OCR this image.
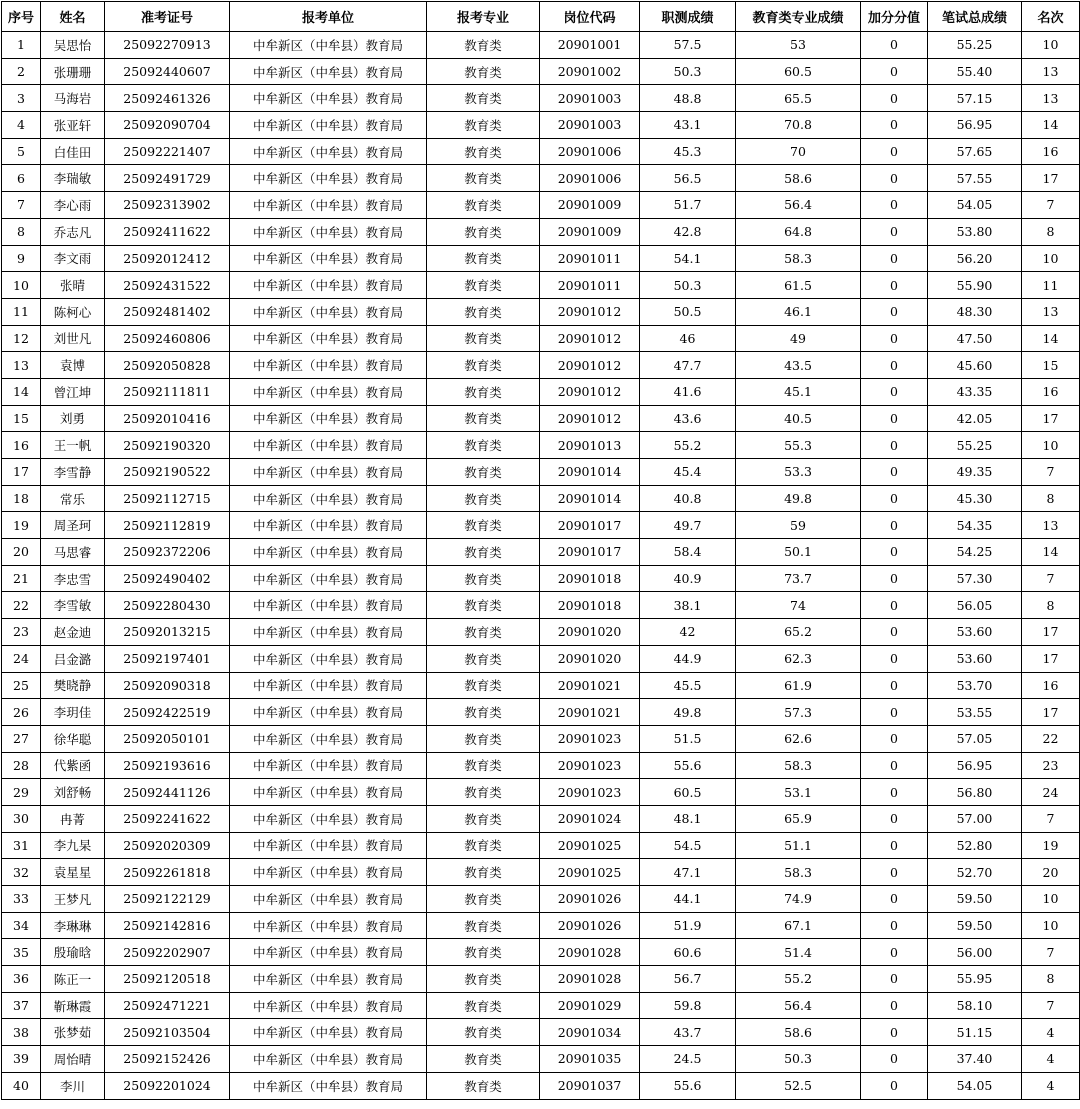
序号	姓名	准考证号	报考单位	报考专业	岗位代码	职测成绩	教育类专业成绩	加分分值	笔试总成绩	名次
1	吴思怡	25092270913	中牟新区（中牟县）教育局	教育类	20901001	57.5	53	0	55.25	10
2	张珊珊	25092440607	中牟新区（中牟县）教育局	教育类	20901002	50.3	60.5	0	55.40	13
3	马海岩	25092461326	中牟新区（中牟县）教育局	教育类	20901003	48.8	65.5	0	57.15	13
4	张亚轩	25092090704	中牟新区（中牟县）教育局	教育类	20901003	43.1	70.8	0	56.95	14
5	白佳田	25092221407	中牟新区（中牟县）教育局	教育类	20901006	45.3	70	0	57.65	16
6	李瑞敏	25092491729	中牟新区（中牟县）教育局	教育类	20901006	56.5	58.6	0	57.55	17
7	李心雨	25092313902	中牟新区（中牟县）教育局	教育类	20901009	51.7	56.4	0	54.05	7
8	乔志凡	25092411622	中牟新区（中牟县）教育局	教育类	20901009	42.8	64.8	0	53.80	8
9	李文雨	25092012412	中牟新区（中牟县）教育局	教育类	20901011	54.1	58.3	0	56.20	10
10	张晴	25092431522	中牟新区（中牟县）教育局	教育类	20901011	50.3	61.5	0	55.90	11
11	陈柯心	25092481402	中牟新区（中牟县）教育局	教育类	20901012	50.5	46.1	0	48.30	13
12	刘世凡	25092460806	中牟新区（中牟县）教育局	教育类	20901012	46	49	0	47.50	14
13	袁博	25092050828	中牟新区（中牟县）教育局	教育类	20901012	47.7	43.5	0	45.60	15
14	曾江坤	25092111811	中牟新区（中牟县）教育局	教育类	20901012	41.6	45.1	0	43.35	16
15	刘勇	25092010416	中牟新区（中牟县）教育局	教育类	20901012	43.6	40.5	0	42.05	17
16	王一帆	25092190320	中牟新区（中牟县）教育局	教育类	20901013	55.2	55.3	0	55.25	10
17	李雪静	25092190522	中牟新区（中牟县）教育局	教育类	20901014	45.4	53.3	0	49.35	7
18	常乐	25092112715	中牟新区（中牟县）教育局	教育类	20901014	40.8	49.8	0	45.30	8
19	周圣珂	25092112819	中牟新区（中牟县）教育局	教育类	20901017	49.7	59	0	54.35	13
20	马思睿	25092372206	中牟新区（中牟县）教育局	教育类	20901017	58.4	50.1	0	54.25	14
21	李忠雪	25092490402	中牟新区（中牟县）教育局	教育类	20901018	40.9	73.7	0	57.30	7
22	李雪敏	25092280430	中牟新区（中牟县）教育局	教育类	20901018	38.1	74	0	56.05	8
23	赵金迪	25092013215	中牟新区（中牟县）教育局	教育类	20901020	42	65.2	0	53.60	17
24	吕金潞	25092197401	中牟新区（中牟县）教育局	教育类	20901020	44.9	62.3	0	53.60	17
25	樊晓静	25092090318	中牟新区（中牟县）教育局	教育类	20901021	45.5	61.9	0	53.70	16
26	李玥佳	25092422519	中牟新区（中牟县）教育局	教育类	20901021	49.8	57.3	0	53.55	17
27	徐华聪	25092050101	中牟新区（中牟县）教育局	教育类	20901023	51.5	62.6	0	57.05	22
28	代紫函	25092193616	中牟新区（中牟县）教育局	教育类	20901023	55.6	58.3	0	56.95	23
29	刘舒畅	25092441126	中牟新区（中牟县）教育局	教育类	20901023	60.5	53.1	0	56.80	24
30	冉菁	25092241622	中牟新区（中牟县）教育局	教育类	20901024	48.1	65.9	0	57.00	7
31	李九杲	25092020309	中牟新区（中牟县）教育局	教育类	20901025	54.5	51.1	0	52.80	19
32	袁星星	25092261818	中牟新区（中牟县）教育局	教育类	20901025	47.1	58.3	0	52.70	20
33	王梦凡	25092122129	中牟新区（中牟县）教育局	教育类	20901026	44.1	74.9	0	59.50	10
34	李琳琳	25092142816	中牟新区（中牟县）教育局	教育类	20901026	51.9	67.1	0	59.50	10
35	殷瑜晗	25092202907	中牟新区（中牟县）教育局	教育类	20901028	60.6	51.4	0	56.00	7
36	陈正一	25092120518	中牟新区（中牟县）教育局	教育类	20901028	56.7	55.2	0	55.95	8
37	靳琳霞	25092471221	中牟新区（中牟县）教育局	教育类	20901029	59.8	56.4	0	58.10	7
38	张梦茹	25092103504	中牟新区（中牟县）教育局	教育类	20901034	43.7	58.6	0	51.15	4
39	周怡晴	25092152426	中牟新区（中牟县）教育局	教育类	20901035	24.5	50.3	0	37.40	4
40	李川	25092201024	中牟新区（中牟县）教育局	教育类	20901037	55.6	52.5	0	54.05	4
